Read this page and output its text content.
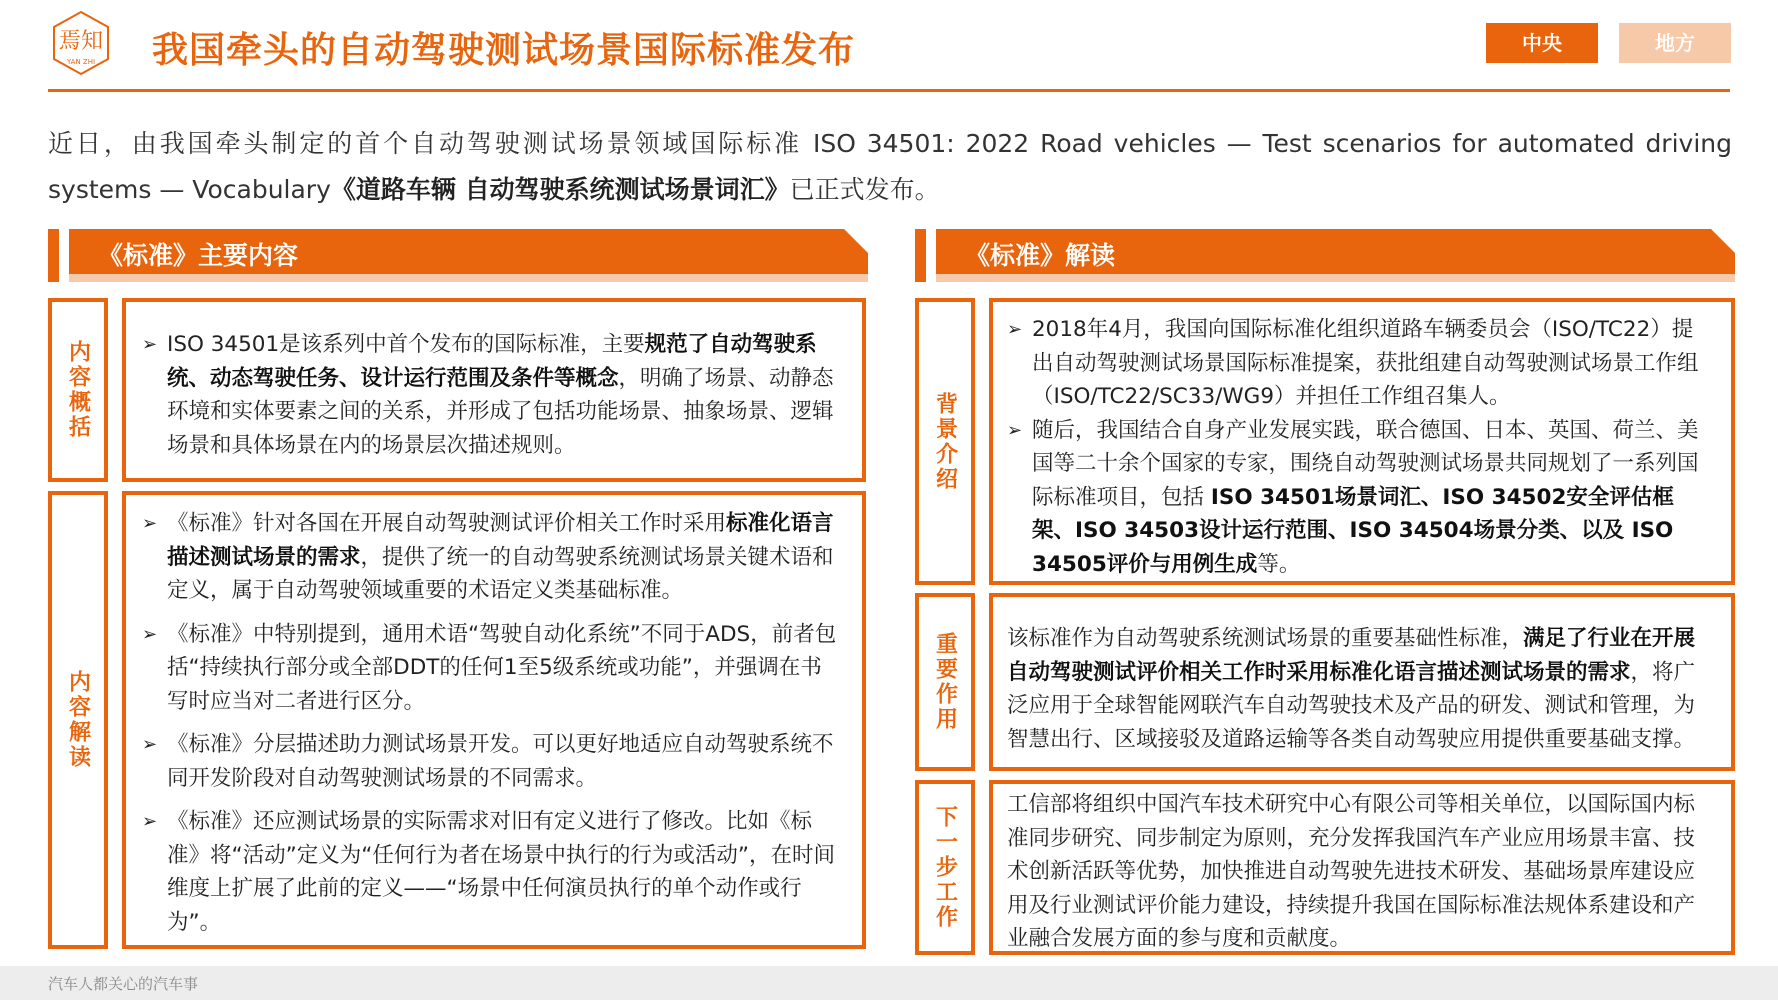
焉知
YAN ZHI 我国牵头的自动驾驶测试场景国际标准发布	中央	地方
近日，由我国牵头制定的首个自动驾驶测试场景领域国际标准 ISO 34501: 2022 Road vehicles — Test scenarios for automated driving systems — Vocabulary《道路车辆 自动驾驶系统测试场景词汇》已正式发布。
《标准》主要内容	《标准》解读
内容概括
➢	ISO 34501是该系列中首个发布的国际标准，主要规范了自动驾驶系统、动态驾驶任务、设计运行范围及条件等概念，明确了场景、动静态环境和实体要素之间的关系，并形成了包括功能场景、抽象场景、逻辑场景和具体场景在内的场景层次描述规则。
内容解读
➢ 《标准》针对各国在开展自动驾驶测试评价相关工作时采用标准化语言描述测试场景的需求，提供了统一的自动驾驶系统测试场景关键术语和定义，属于自动驾驶领域重要的术语定义类基础标准。
➢ 《标准》中特别提到，通用术语“驾驶自动化系统”不同于ADS，前者包括“持续执行部分或全部DDT的任何1至5级系统或功能”，并强调在书写时应当对二者进行区分。
➢ 《标准》分层描述助力测试场景开发。可以更好地适应自动驾驶系统不同开发阶段对自动驾驶测试场景的不同需求。
➢ 《标准》还应测试场景的实际需求对旧有定义进行了修改。比如《标准》将“活动”定义为“任何行为者在场景中执行的行为或活动”，在时间维度上扩展了此前的定义——“场景中任何演员执行的单个动作或行为”。
背景介绍
➢ 2018年4月，我国向国际标准化组织道路车辆委员会（ISO/TC22）提出自动驾驶测试场景国际标准提案，获批组建自动驾驶测试场景工作组（ISO/TC22/SC33/WG9）并担任工作组召集人。
➢ 随后，我国结合自身产业发展实践，联合德国、日本、英国、荷兰、美国等二十余个国家的专家，围绕自动驾驶测试场景共同规划了一系列国际标准项目，包括 ISO 34501场景词汇、ISO 34502安全评估框架、ISO 34503设计运行范围、ISO 34504场景分类、以及 ISO 34505评价与用例生成等。
重要作用 该标准作为自动驾驶系统测试场景的重要基础性标准，满足了行业在开展自动驾驶测试评价相关工作时采用标准化语言描述测试场景的需求，将广泛应用于全球智能网联汽车自动驾驶技术及产品的研发、测试和管理，为智慧出行、区域接驳及道路运输等各类自动驾驶应用提供重要基础支撑。
下一步工作
工信部将组织中国汽车技术研究中心有限公司等相关单位，以国际国内标准同步研究、同步制定为原则，充分发挥我国汽车产业应用场景丰富、技术创新活跃等优势，加快推进自动驾驶先进技术研发、基础场景库建设应用及行业测试评价能力建设，持续提升我国在国际标准法规体系建设和产业融合发展方面的参与度和贡献度。
汽车人都关心的汽车事
